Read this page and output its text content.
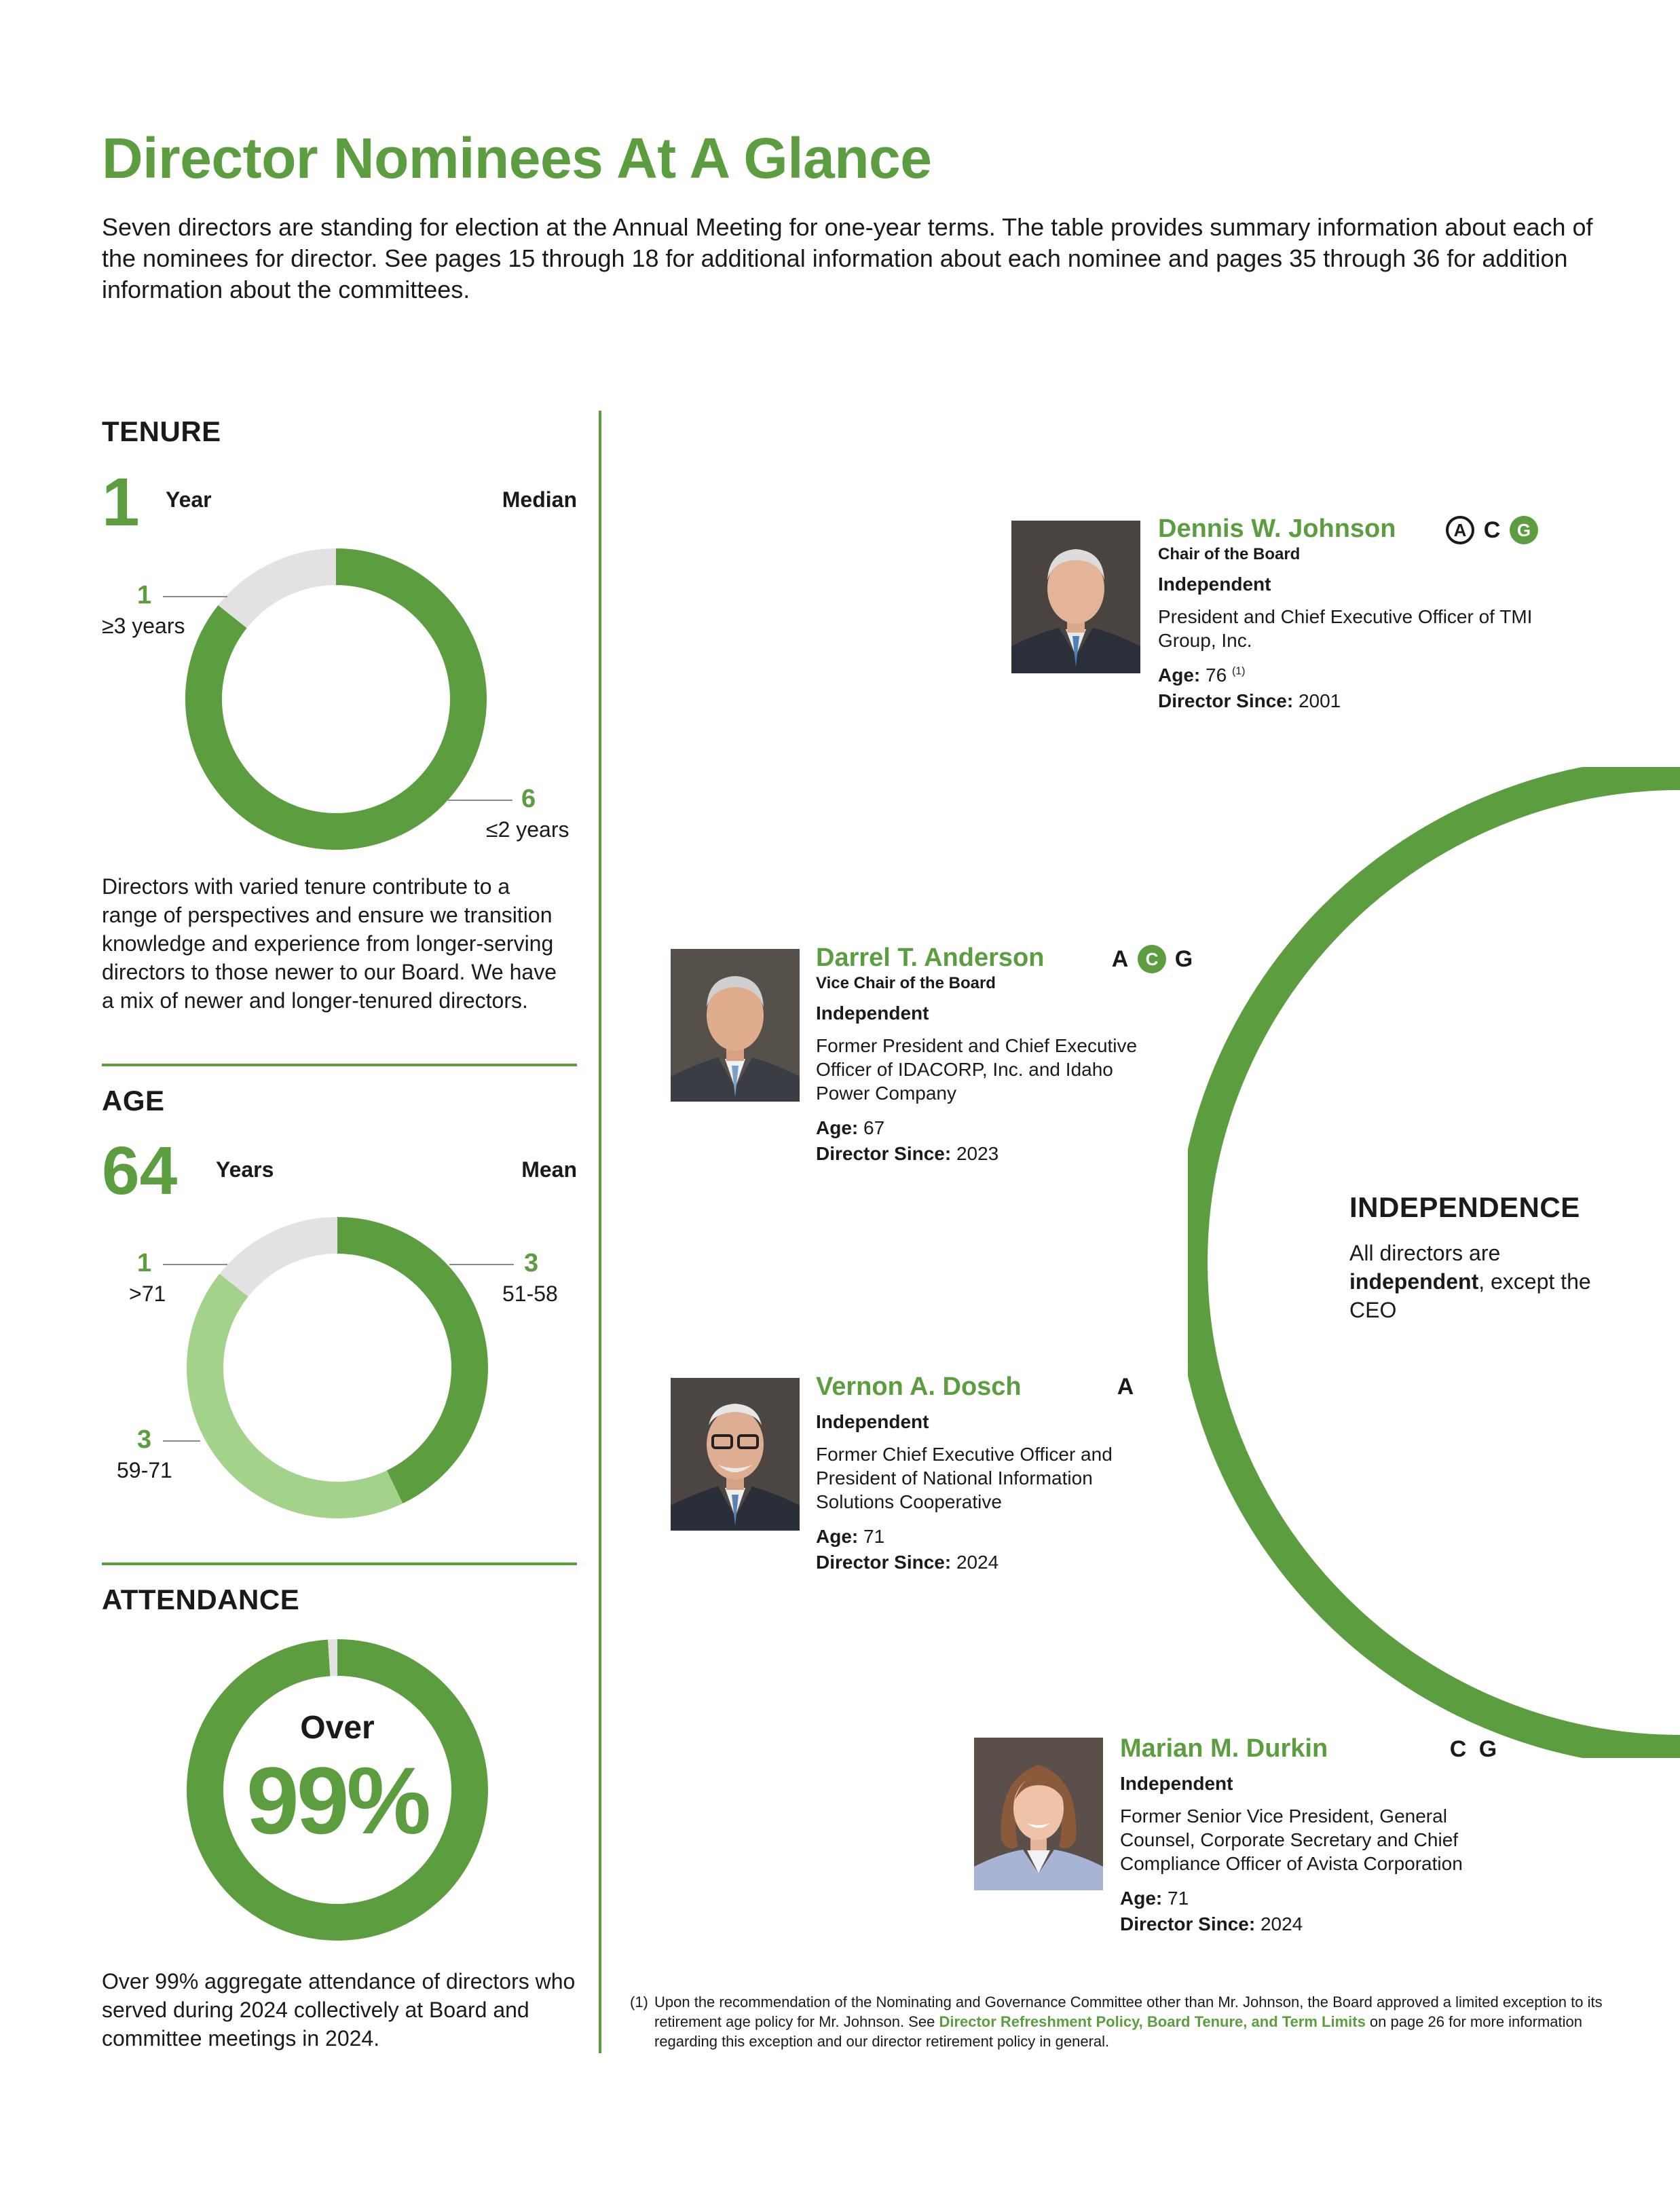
Director Nominees At A Glance
Seven directors are standing for election at the Annual Meeting for one-year terms. The table provides summary information about each of the nominees for director. See pages 15 through 18 for additional information about each nominee and pages 35 through 36 for addition information about the committees.
TENURE
1 Year	Median
1
≥3 years
6
≤2 years
Directors with varied tenure contribute to a range of perspectives and ensure we transition knowledge and experience from longer-serving directors to those newer to our Board. We have a mix of newer and longer-tenured directors.
AGE
64 Years	Mean
1
>71
3
51-58
3
59-71
ATTENDANCE
Over
99%
Over 99% aggregate attendance of directors who served during 2024 collectively at Board and committee meetings in 2024.
INDEPENDENCE
All directors are independent, except the CEO
Dennis W. Johnson
Chair of the Board
Independent
President and Chief Executive Officer of TMI Group, Inc.
Age: 76 $^{(1)}$
Director Since: 2001
A C G
Darrel T. Anderson
Vice Chair of the Board
Independent
Former President and Chief Executive Officer of IDACORP, Inc. and Idaho Power Company
Age: 67
Director Since: 2023
A C G
Vernon A. Dosch
Independent
Former Chief Executive Officer and President of National Information Solutions Cooperative
Age: 71
Director Since: 2024
A
Marian M. Durkin
Independent
Former Senior Vice President, General Counsel, Corporate Secretary and Chief Compliance Officer of Avista Corporation
Age: 71
Director Since: 2024
C G
(1) Upon the recommendation of the Nominating and Governance Committee other than Mr. Johnson, the Board approved a limited exception to its retirement age policy for Mr. Johnson. See Director Refreshment Policy, Board Tenure, and Term Limits on page 26 for more information regarding this exception and our director retirement policy in general.
